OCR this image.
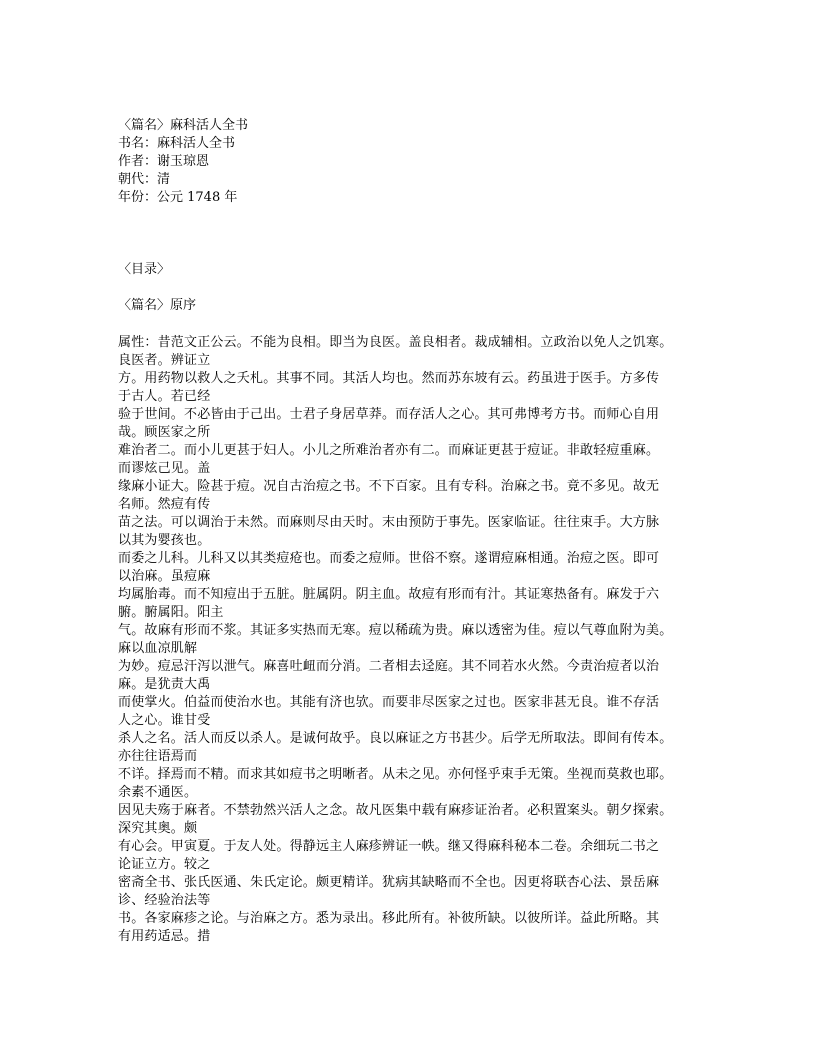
〈篇名〉麻科活人全书
书名：麻科活人全书
作者：谢玉琼恩
朝代：清
年份：公元 1748 年
〈目录〉
〈篇名〉原序
属性：昔范文正公云。不能为良相。即当为良医。盖良相者。裁成辅相。立政治以免人之饥寒。
良医者。辨证立
方。用药物以救人之夭札。其事不同。其活人均也。然而苏东坡有云。药虽进于医手。方多传
于古人。若已经
验于世间。不必皆由于己出。士君子身居草莽。而存活人之心。其可弗博考方书。而师心自用
哉。顾医家之所
难治者二。而小儿更甚于妇人。小儿之所难治者亦有二。而麻证更甚于痘证。非敢轻痘重麻。
而谬炫己见。盖
缘麻小证大。险甚于痘。况自古治痘之书。不下百家。且有专科。治麻之书。竟不多见。故无
名师。然痘有传
苗之法。可以调治于未然。而麻则尽由天时。末由预防于事先。医家临证。往往束手。大方脉
以其为婴孩也。
而委之儿科。儿科又以其类痘疮也。而委之痘师。世俗不察。遂谓痘麻相通。治痘之医。即可
以治麻。虽痘麻
均属胎毒。而不知痘出于五脏。脏属阴。阴主血。故痘有形而有汁。其证寒热备有。麻发于六
腑。腑属阳。阳主
气。故麻有形而不浆。其证多实热而无寒。痘以稀疏为贵。麻以透密为佳。痘以气尊血附为美。
麻以血凉肌解
为妙。痘忌汗泻以泄气。麻喜吐衄而分消。二者相去迳庭。其不同若水火然。今责治痘者以治
麻。是犹责大禹
而使掌火。伯益而使治水也。其能有济也欤。而要非尽医家之过也。医家非甚无良。谁不存活
人之心。谁甘受
杀人之名。活人而反以杀人。是诚何故乎。良以麻证之方书甚少。后学无所取法。即间有传本。
亦往往语焉而
不详。择焉而不精。而求其如痘书之明晰者。从未之见。亦何怪乎束手无策。坐视而莫救也耶。
余素不通医。
因见夫殇于麻者。不禁勃然兴活人之念。故凡医集中载有麻疹证治者。必积置案头。朝夕探索。
深究其奥。颇
有心会。甲寅夏。于友人处。得静远主人麻疹辨证一帙。继又得麻科秘本二卷。余细玩二书之
论证立方。较之
密斋全书、张氏医通、朱氏定论。颇更精详。犹病其缺略而不全也。因更将联杏心法、景岳麻
诊、经验治法等
书。各家麻疹之论。与治麻之方。悉为录出。移此所有。补彼所缺。以彼所详。益此所略。其
有用药适忌。措
